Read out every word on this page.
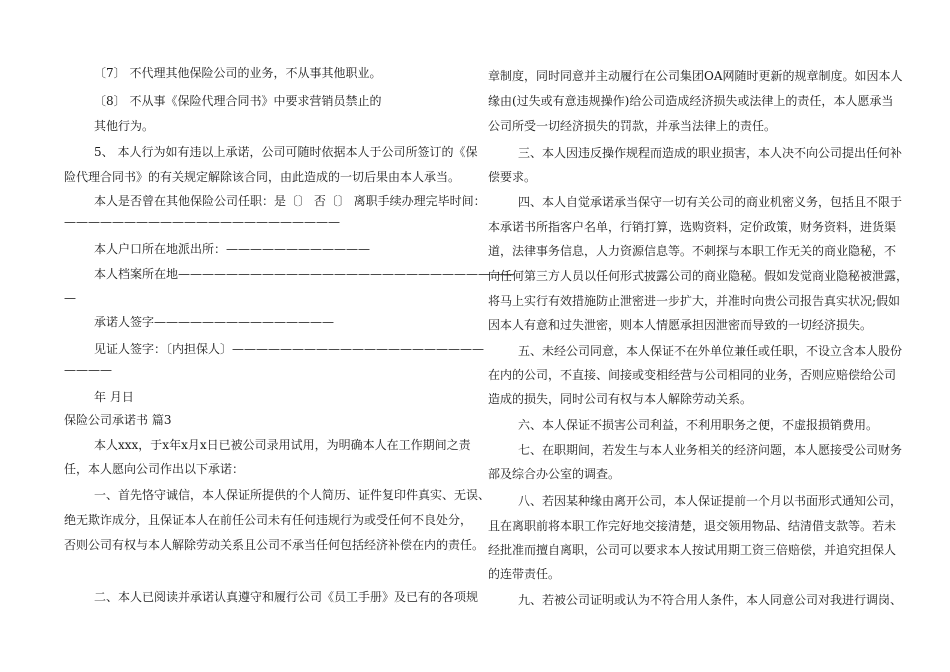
〔7〕 不代理其他保险公司的业务，不从事其他职业。
〔8〕 不从事《保险代理合同书》中要求营销员禁止的
其他行为。
5、 本人行为如有违以上承诺，公司可随时依据本人于公司所签订的《保
险代理合同书》的有关规定解除该合同，由此造成的一切后果由本人承当。
本人是否曾在其他保险公司任职：是〔〕 否〔〕 离职手续办理完毕时间：
———————————————————————
本人户口所在地派出所：————————————
本人档案所在地————————————————————————————
—
承诺人签字———————————————
见证人签字：〔内担保人〕—————————————————————
————
年 月日
保险公司承诺书 篇3
本人xxx，于x年x月x日已被公司录用试用，为明确本人在工作期间之责
任，本人愿向公司作出以下承诺：
一、首先恪守诚信，本人保证所提供的个人简历、证件复印件真实、无误、
绝无欺诈成分，且保证本人在前任公司未有任何违规行为或受任何不良处分，
否则公司有权与本人解除劳动关系且公司不承当任何包括经济补偿在内的责任。
二、本人已阅读并承诺认真遵守和履行公司《员工手册》及已有的各项规
章制度，同时同意并主动履行在公司集团OA网随时更新的规章制度。如因本人
缘由(过失或有意违规操作)给公司造成经济损失或法律上的责任，本人愿承当
公司所受一切经济损失的罚款，并承当法律上的责任。
三、本人因违反操作规程而造成的职业损害，本人决不向公司提出任何补
偿要求。
四、本人自觉承诺承当保守一切有关公司的商业机密义务，包括且不限于
本承诺书所指客户名单，行销打算，选购资料，定价政策，财务资料，进货渠
道，法律事务信息，人力资源信息等。不刺探与本职工作无关的商业隐秘，不
向任何第三方人员以任何形式披露公司的商业隐秘。假如发觉商业隐秘被泄露，
将马上实行有效措施防止泄密进一步扩大，并准时向贵公司报告真实状况;假如
因本人有意和过失泄密，则本人情愿承担因泄密而导致的一切经济损失。
五、未经公司同意，本人保证不在外单位兼任或任职，不设立含本人股份
在内的公司，不直接、间接或变相经营与公司相同的业务，否则应赔偿给公司
造成的损失，同时公司有权与本人解除劳动关系。
六、本人保证不损害公司利益，不利用职务之便，不虚报损销费用。
七、在职期间，若发生与本人业务相关的经济问题，本人愿接受公司财务
部及综合办公室的调查。
八、若因某种缘由离开公司，本人保证提前一个月以书面形式通知公司，
且在离职前将本职工作完好地交接清楚，退交领用物品、结清借支款等。若未
经批准而擅自离职，公司可以要求本人按试用期工资三倍赔偿，并追究担保人
的连带责任。
九、若被公司证明或认为不符合用人条件，本人同意公司对我进行调岗、
